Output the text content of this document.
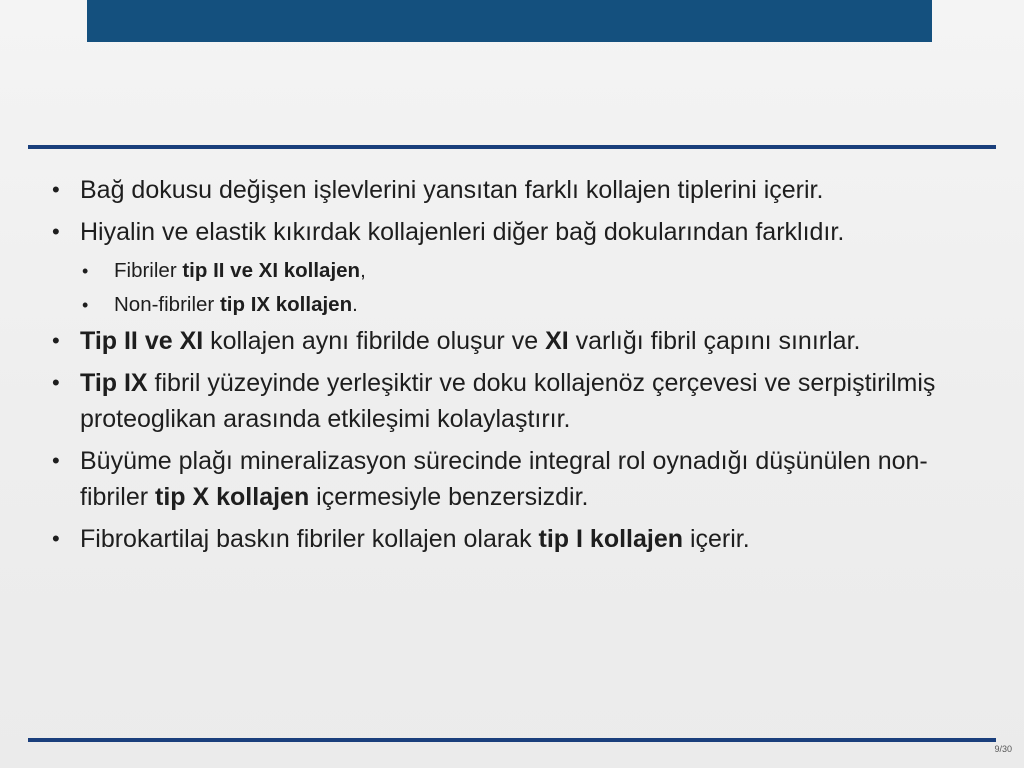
• Bağ dokusu değişen işlevlerini yansıtan farklı kollajen tiplerini içerir.
• Hiyalin ve elastik kıkırdak kollajenleri diğer bağ dokularından farklıdır.
• Fibriler tip II ve XI kollajen,
• Non-fibriler tip IX kollajen.
• Tip II ve XI kollajen aynı fibrilde oluşur ve XI varlığı fibril çapını sınırlar.
• Tip IX fibril yüzeyinde yerleşiktir ve doku kollajenöz çerçevesi ve serpiştirilmiş proteoglikan arasında etkileşimi kolaylaştırır.
• Büyüme plağı mineralizasyon sürecinde integral rol oynadığı düşünülen non-fibriler tip X kollajen içermesiyle benzersizdir.
• Fibrokartilaj baskın fibriler kollajen olarak tip I kollajen içerir.
9/30
